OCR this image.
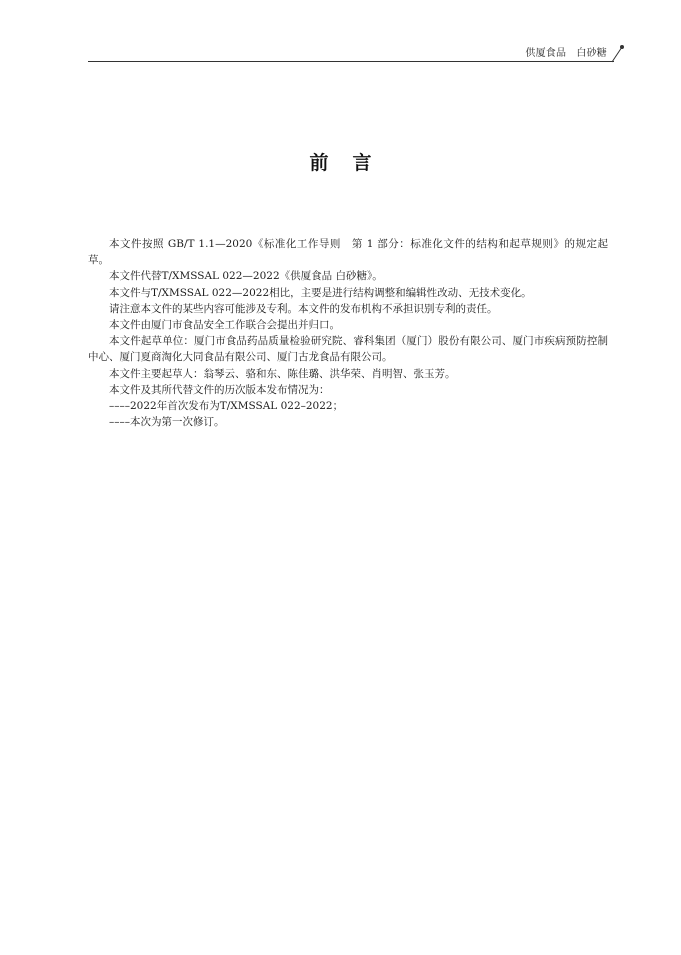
供厦食品　白砂糖
前言

本文件按照 GB/T 1.1—2020《标准化工作导则　第 1 部分：标准化文件的结构和起草规则》的规定起草。

本文件代替T/XMSSAL 022—2022《供厦食品 白砂糖》。

本文件与T/XMSSAL 022—2022相比，主要是进行结构调整和编辑性改动、无技术变化。

请注意本文件的某些内容可能涉及专利。本文件的发布机构不承担识别专利的责任。

本文件由厦门市食品安全工作联合会提出并归口。

本文件起草单位：厦门市食品药品质量检验研究院、睿科集团（厦门）股份有限公司、厦门市疾病预防控制中心、厦门夏商淘化大同食品有限公司、厦门古龙食品有限公司。

本文件主要起草人：翁琴云、骆和东、陈佳璐、洪华荣、肖明智、张玉芳。

本文件及其所代替文件的历次版本发布情况为：

––––2022年首次发布为T/XMSSAL 022–2022；

––––本次为第一次修订。
